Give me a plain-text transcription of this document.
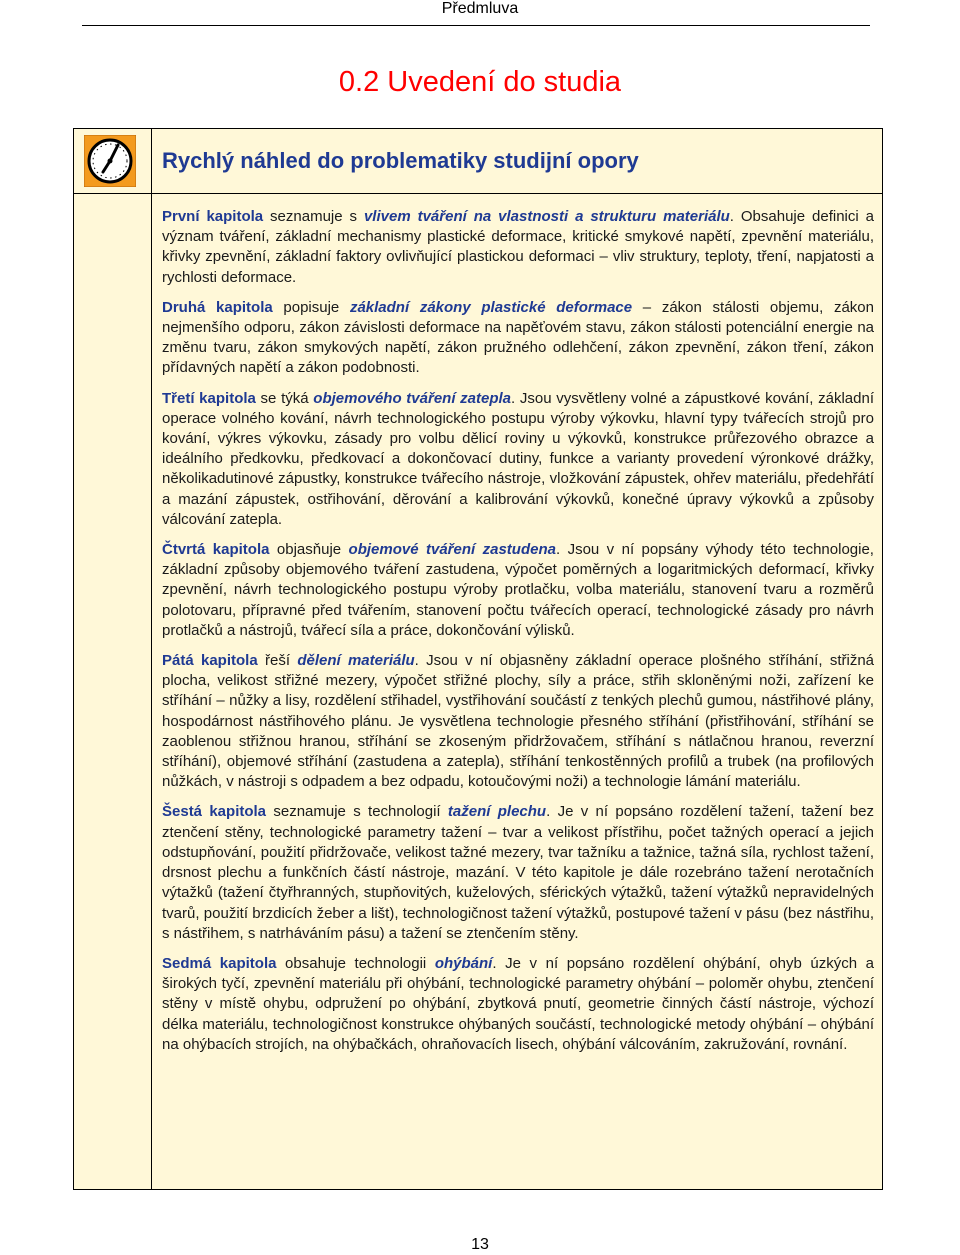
Předmluva
0.2 Uvedení do studia
Rychlý náhled do problematiky studijní opory

První kapitola seznamuje s vlivem tváření na vlastnosti a strukturu materiálu. Obsahuje definici a význam tváření, základní mechanismy plastické deformace, kritické smykové napětí, zpevnění materiálu, křivky zpevnění, základní faktory ovlivňující plastickou deformaci – vliv struktury, teploty, tření, napjatosti a rychlosti deformace.

Druhá kapitola popisuje základní zákony plastické deformace – zákon stálosti objemu, zákon nejmenšího odporu, zákon závislosti deformace na napěťovém stavu, zákon stálosti potenciální energie na změnu tvaru, zákon smykových napětí, zákon pružného odlehčení, zákon zpevnění, zákon tření, zákon přídavných napětí a zákon podobnosti.

Třetí kapitola se týká objemového tváření zatepla. Jsou vysvětleny volné a zápustkové kování, základní operace volného kování, návrh technologického postupu výroby výkovku, hlavní typy tvářecích strojů pro kování, výkres výkovku, zásady pro volbu dělicí roviny u výkovků, konstrukce průřezového obrazce a ideálního předkovku, předkovací a dokončovací dutiny, funkce a varianty provedení výronkové drážky, několikadutinové zápustky, konstrukce tvářecího nástroje, vložkování zápustek, ohřev materiálu, předehřátí a mazání zápustek, ostřihování, děrování a kalibrování výkovků, konečné úpravy výkovků a způsoby válcování zatepla.

Čtvrtá kapitola objasňuje objemové tváření zastudena. Jsou v ní popsány výhody této technologie, základní způsoby objemového tváření zastudena, výpočet poměrných a logaritmických deformací, křivky zpevnění, návrh technologického postupu výroby protlačku, volba materiálu, stanovení tvaru a rozměrů polotovaru, přípravné před tvářením, stanovení počtu tvářecích operací, technologické zásady pro návrh protlačků a nástrojů, tvářecí síla a práce, dokončování výlisků.

Pátá kapitola řeší dělení materiálu. Jsou v ní objasněny základní operace plošného stříhání, střižná plocha, velikost střižné mezery, výpočet střižné plochy, síly a práce, střih skloněnými noži, zařízení ke stříhání – nůžky a lisy, rozdělení střihadel, vystřihování součástí z tenkých plechů gumou, nástřihové plány, hospodárnost nástřihového plánu. Je vysvětlena technologie přesného stříhání (přistřihování, stříhání se zaoblenou střižnou hranou, stříhání se zkoseným přidržovačem, stříhání s nátlačnou hranou, reverzní stříhání), objemové stříhání (zastudena a zatepla), stříhání tenkostěnných profilů a trubek (na profilových nůžkách, v nástroji s odpadem a bez odpadu, kotoučovými noži) a technologie lámání materiálu.

Šestá kapitola seznamuje s technologií tažení plechu. Je v ní popsáno rozdělení tažení, tažení bez ztenčení stěny, technologické parametry tažení – tvar a velikost přístřihu, počet tažných operací a jejich odstupňování, použití přidržovače, velikost tažné mezery, tvar tažníku a tažnice, tažná síla, rychlost tažení, drsnost plechu a funkčních částí nástroje, mazání. V této kapitole je dále rozebráno tažení nerotačních výtažků (tažení čtyřhranných, stupňovitých, kuželových, sférických výtažků, tažení výtažků nepravidelných tvarů, použití brzdicích žeber a lišt), technologičnost tažení výtažků, postupové tažení v pásu (bez nástřihu, s nástřihem, s natrháváním pásu) a tažení se ztenčením stěny.

Sedmá kapitola obsahuje technologii ohýbání. Je v ní popsáno rozdělení ohýbání, ohyb úzkých a širokých tyčí, zpevnění materiálu při ohýbání, technologické parametry ohýbání – poloměr ohybu, ztenčení stěny v místě ohybu, odpružení po ohýbání, zbytková pnutí, geometrie činných částí nástroje, výchozí délka materiálu, technologičnost konstrukce ohýbaných součástí, technologické metody ohýbání – ohýbání na ohýbacích strojích, na ohýbačkách, ohraňovacích lisech, ohýbání válcováním, zakružování, rovnání.

13
